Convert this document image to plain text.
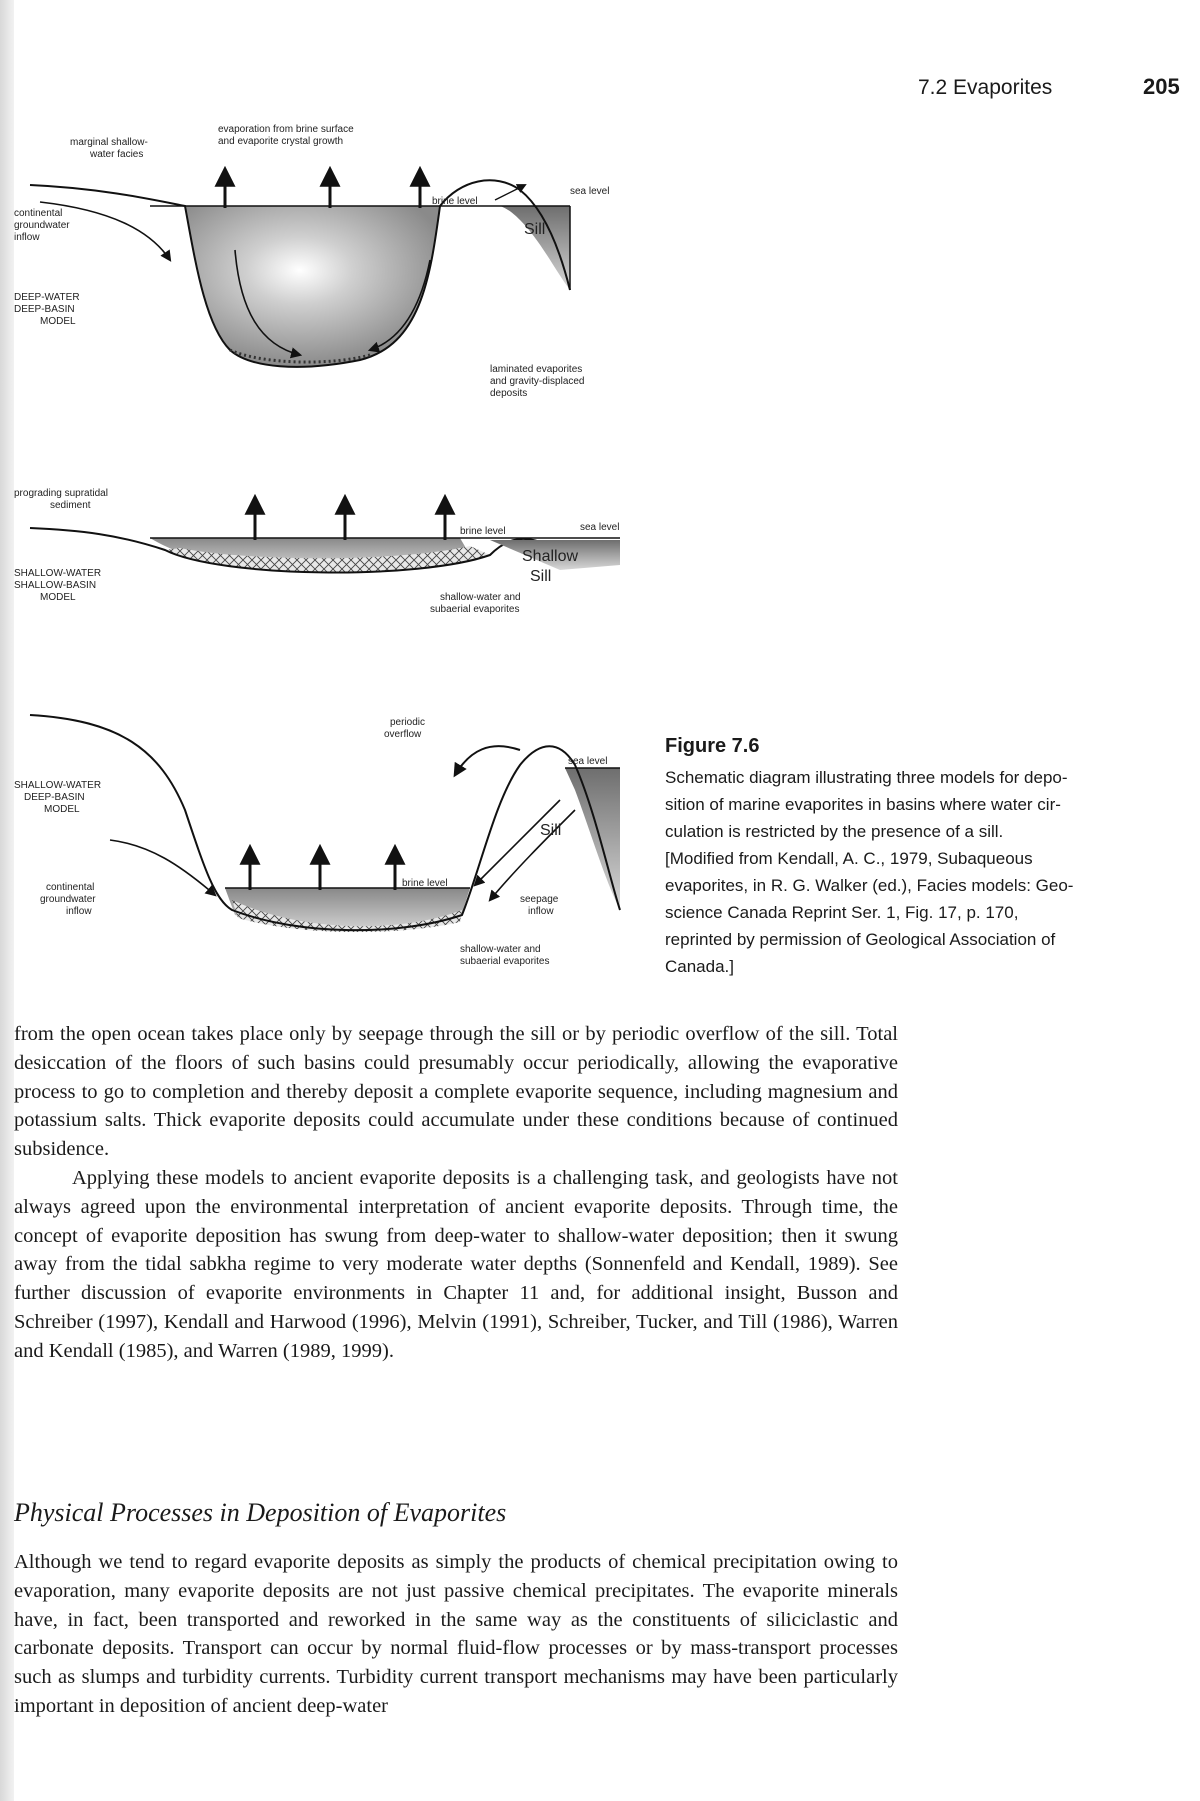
7.2 Evaporites	205
evaporation from brine surface
and evaporite crystal growth
marginal shallow-
water facies
continental
groundwater
inflow
DEEP-WATER
DEEP-BASIN
MODEL
brine level
sea level
Sill
laminated evaporites
and gravity-displaced
deposits
prograding supratidal
sediment
SHALLOW-WATER
SHALLOW-BASIN
MODEL
brine level	sea level
Shallow
Sill
shallow-water and
subaerial evaporites
periodic
overflow
sea level
SHALLOW-WATER
DEEP-BASIN
MODEL
Sill
brine level
continental
groundwater
inflow
seepage
inflow
shallow-water and
subaerial evaporites
Figure 7.6
Schematic diagram illustrating three models for depo-
sition of marine evaporites in basins where water cir-
culation is restricted by the presence of a sill.
[Modified from Kendall, A. C., 1979, Subaqueous
evaporites, in R. G. Walker (ed.), Facies models: Geo-
science Canada Reprint Ser. 1, Fig. 17, p. 170,
reprinted by permission of Geological Association of
Canada.]

from the open ocean takes place only by seepage through the sill or by periodic overflow of the sill. Total desiccation of the floors of such basins could presumably occur periodically, allowing the evaporative process to go to completion and thereby deposit a complete evaporite sequence, including magnesium and potassium salts. Thick evaporite deposits could accumulate under these conditions because of continued subsidence.

Applying these models to ancient evaporite deposits is a challenging task, and geologists have not always agreed upon the environmental interpretation of ancient evaporite deposits. Through time, the concept of evaporite deposition has swung from deep-water to shallow-water deposition; then it swung away from the tidal sabkha regime to very moderate water depths (Sonnenfeld and Kendall, 1989). See further discussion of evaporite environments in Chapter 11 and, for additional insight, Busson and Schreiber (1997), Kendall and Harwood (1996), Melvin (1991), Schreiber, Tucker, and Till (1986), Warren and Kendall (1985), and Warren (1989, 1999).

Physical Processes in Deposition of Evaporites

Although we tend to regard evaporite deposits as simply the products of chemical precipitation owing to evaporation, many evaporite deposits are not just passive chemical precipitates. The evaporite minerals have, in fact, been transported and reworked in the same way as the constituents of siliciclastic and carbonate deposits. Transport can occur by normal fluid-flow processes or by mass-transport processes such as slumps and turbidity currents. Turbidity current transport mechanisms may have been particularly important in deposition of ancient deep-water
